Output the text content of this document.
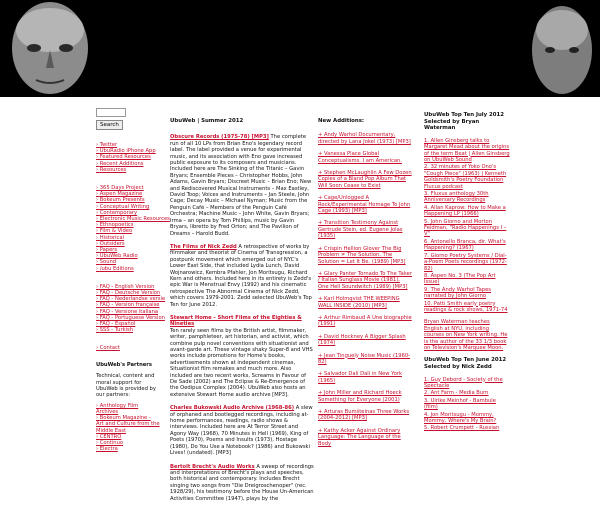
Search
› Twitter
› UbuRadio iPhone App
› Featured Resources
› Recent Additions
› Resources
› 365 Days Project
› Aspen Magazine
› Bokeum Presents
› Conceptual Writing
› Contemporary
› Electronic Music Resources
› Ethnopoetics
› Film & Video
› Historical
› Outsiders
› Papers
› UbuWeb Radio
› Sound
› /ubu Editions
› FAQ - English Version
› FAQ - Deutsche Version
› FAQ - Nederlandse versie
› FAQ - Version française
› FAQ - Versione italiana
› FAQ - Portuguese Version
› FAQ - Español
› SSS - Turkish
› Contact
UbuWeb's Partners
Technical, content and moral support for UbuWeb is provided by our partners:
› Anthology Film Archives
› Bokeum Magazine - Art and Culture from the Middle East
› CENTRO
› Continuo
› Electra
UbuWeb | Summer 2012
Obscure Records (1975-78) [MP3] The complete run of all 10 LPs from Brian Eno's legendary record label. The label provided a venue for experimental music, and its association with Eno gave increased public exposure to its composers and musicians. Included here are The Sinking of the Titanic – Gavin Bryars; Ensemble Pieces – Christopher Hobbs, John Adams, Gavin Bryars; Discreet Music – Brian Eno; New and Rediscovered Musical Instruments – Max Eastley, David Toop; Voices and Instruments – Jan Steele, John Cage; Decay Music – Michael Nyman; Music from the Penguin Café – Members of the Penguin Café Orchestra; Machine Music – John White, Gavin Bryars; Irma – an opera by Tom Phillips, music by Gavin Bryars, libretto by Fred Orton; and The Pavilion of Dreams – Harold Budd.
The Films of Nick Zedd A retrospective of works by filmmaker and theorist of Cinema of Transgression, a postpunk movement which emerged out of NYC's Lower East Side, that included Lydia Lunch, David Wojnarowicz, Kembra Pfahler, Jon Moritsugu, Richard Kern and others. Included here in its entirety is Zedd's epic War is Menstrual Envy (1992) and his cinematic retrospective The Abnormal Cinema of Nick Zedd, which covers 1979-2001. Zedd selected UbuWeb's Top Ten for June 2012.
Stewart Home - Short Films of the Eighties & Nineties
Ten rarely seen films by the British artist, filmmaker, writer, pamphleteer, art historian, and activist, which combine pulp novel conventions with situationist and avant-garde art. These vintage shaky Super-8 and VHS works include promotions for Home's books, advertisements shown at independent cinemas, Situationist film remakes and much more. Also included are two recent works, Screams in Favour of De Sade (2002) and The Eclipse & Re-Emergence of the Oedipus Complex (2004). UbuWeb also hosts an extensive Stewart Home audio archive [MP3].
Charles Bukowski Audio Archive (1968-86) A slew of orphaned and bootlegged recordings, including at-home performances, readings, radio shows & interviews. Included here are At Terror Street and Agony Way (1968), 70 Minutes in Hell (1969), King of Poets (1970), Poems and Insults (1973), Hostage (1980), Do You Use a Notebook? (1986) and Bukowski Lives! (undated). [MP3]
Bertolt Brecht's Audio Works A sweep of recordings and interpretations of Brecht's plays and speeches, both historical and contemporary. Includes Brecht singing two songs from "Die Dreigroschenoper" (rec. 1928/29), his testimony before the House Un-American Activities Committee (1947), plays by the
New Additions:
+ Andy Warhol Documentary, directed by Lana Jokel (1973) [MP3]
+ Vanessa Place Global Conceptualisms. I am American.
+ Stephen McLaughlin A Few Dozen Copies of a Bland Pop Album That Will Soon Cease to Exist
+ Cage/Unlogged A Rock/Experimental Homage To John Cage (1993) [MP3]
+ Transition Testimony Against Gertrude Stein, ed. Eugene Jolas (1935)
+ Crispin Hellion Glover The Big Problem ≠ The Solution. The Solution = Let It Be. (1989) [MP3]
+ Glary Panter Tornado To The Taker / Italian Sunglass Movie (1981), One Hell Soundwitch (1989) [MP3]
+ Karl Holmqvist THE WEEPING WALL INSIDE (2010) [MP3]
+ Arthur Rimbaud A Une biographie (1991)
+ David Hockney A Bigger Splash (1974)
+ Jean Tinguely Noise Music (1960-82)
+ Salvador Dalí Dalí in New York (1965)
+ John Miller and Richard Hoeck Something for Everyone (2001)
+ Arturas Bumšteinas Three Works (2004-2012) [MP3]
+ Kathy Acker Against Ordinary Language: The Language of the Body
UbuWeb Top Ten July 2012 Selected by Bryan Waterman
1. Allen Ginsberg talks to Margaret Mead about the origins of the term Beat | Allen Ginsberg on UbuWeb Sound
2. 32 minutes of Yoko Ono's "Cough Piece" (1963) | Kenneth Goldsmith's Poetry Foundation Flucus podcast
3. Fluxus anthology 30th Anniversary Recordings
4. Allan Kaprow: How to Make a Happening LP (1966)
5. John Giorno and Morton Feldman, "Radio Happenings I – V"
6. Antonello Branca, dir. What's Happening? (1967)
7. Giorno Poetry Systems / Dial-a-Poem Poets recordings (1972-82)
8. Aspen No. 3 (The Pop Art Issue)
9. The Andy Warhol Tapes narrated by John Giorno
10. Patti Smith early poetry readings & rock shows, 1971-74

Bryan Waterman teaches English at NYU, including courses on New York writing. He is the author of the 33 1/3 book on Television's Marquee Moon.

UbuWeb Top Ten June 2012 Selected by Nick Zedd
1. Guy Debord - Society of the Spectacle
2. Ant Farm - Media Burn
3. Ulrike Meinhof - Bambule (film)
4. Jon Moritsugu - Mommy, Mommy, Where's My Brain?
5. Robert Crumpett - Russian
